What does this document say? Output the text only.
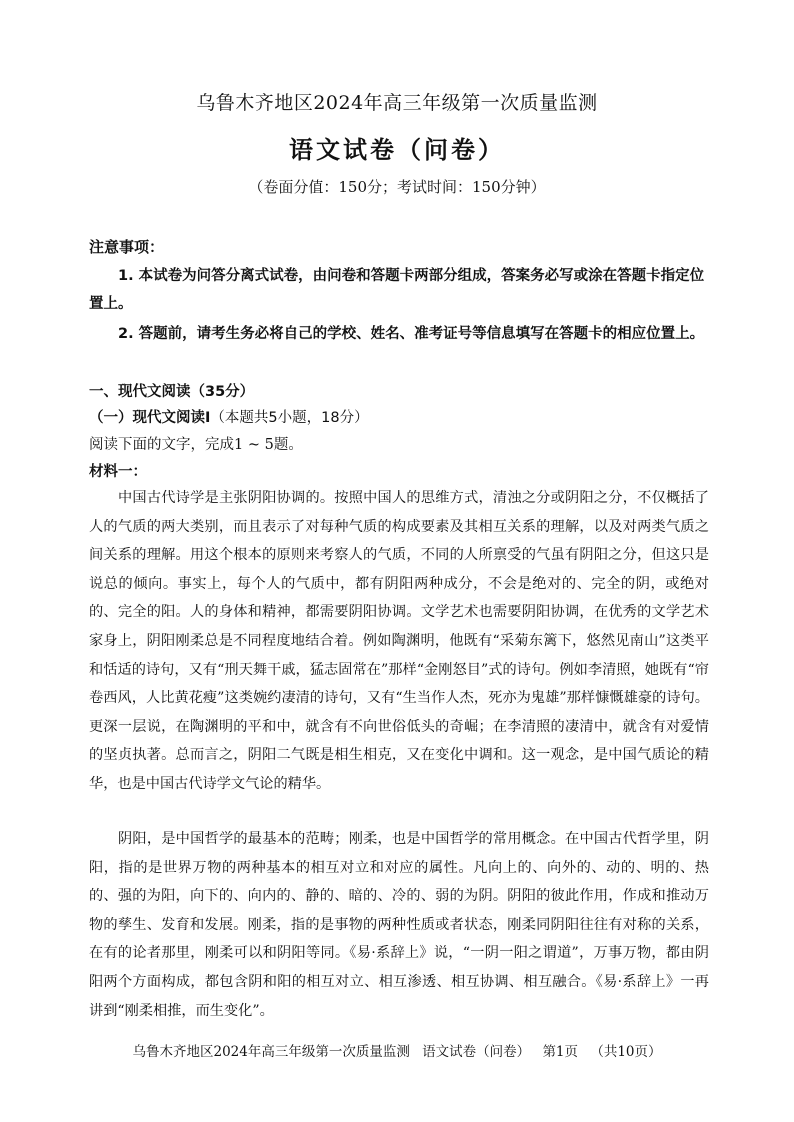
乌鲁木齐地区2024年高三年级第一次质量监测
语文试卷（问卷）
（卷面分值：150分；考试时间：150分钟）
注意事项：
1. 本试卷为问答分离式试卷，由问卷和答题卡两部分组成，答案务必写或涂在答题卡指定位置上。
2. 答题前，请考生务必将自己的学校、姓名、准考证号等信息填写在答题卡的相应位置上。
一、现代文阅读（35分）
（一）现代文阅读Ⅰ（本题共5小题，18分）
阅读下面的文字，完成1 ~ 5题。
材料一：
中国古代诗学是主张阴阳协调的。按照中国人的思维方式，清浊之分或阴阳之分，不仅概括了人的气质的两大类别，而且表示了对每种气质的构成要素及其相互关系的理解，以及对两类气质之间关系的理解。用这个根本的原则来考察人的气质，不同的人所禀受的气虽有阴阳之分，但这只是说总的倾向。事实上，每个人的气质中，都有阴阳两种成分，不会是绝对的、完全的阴，或绝对的、完全的阳。人的身体和精神，都需要阴阳协调。文学艺术也需要阴阳协调，在优秀的文学艺术家身上，阴阳刚柔总是不同程度地结合着。例如陶渊明，他既有“采菊东篱下，悠然见南山”这类平和恬适的诗句，又有“刑天舞干戚，猛志固常在”那样“金刚怒目”式的诗句。例如李清照，她既有“帘卷西风，人比黄花瘦”这类婉约凄清的诗句，又有“生当作人杰，死亦为鬼雄”那样慷慨雄豪的诗句。更深一层说，在陶渊明的平和中，就含有不向世俗低头的奇崛；在李清照的凄清中，就含有对爱情的坚贞执著。总而言之，阴阳二气既是相生相克，又在变化中调和。这一观念，是中国气质论的精华，也是中国古代诗学文气论的精华。
阴阳，是中国哲学的最基本的范畴；刚柔，也是中国哲学的常用概念。在中国古代哲学里，阴阳，指的是世界万物的两种基本的相互对立和对应的属性。凡向上的、向外的、动的、明的、热的、强的为阳，向下的、向内的、静的、暗的、冷的、弱的为阴。阴阳的彼此作用，作成和推动万物的孳生、发育和发展。刚柔，指的是事物的两种性质或者状态，刚柔同阴阳往往有对称的关系，在有的论者那里，刚柔可以和阴阳等同。《易·系辞上》说，“一阴一阳之谓道”，万事万物，都由阴阳两个方面构成，都包含阴和阳的相互对立、相互渗透、相互协调、相互融合。《易·系辞上》一再讲到“刚柔相推，而生变化”。
乌鲁木齐地区2024年高三年级第一次质量监测 语文试卷（问卷） 第1页 （共10页）
